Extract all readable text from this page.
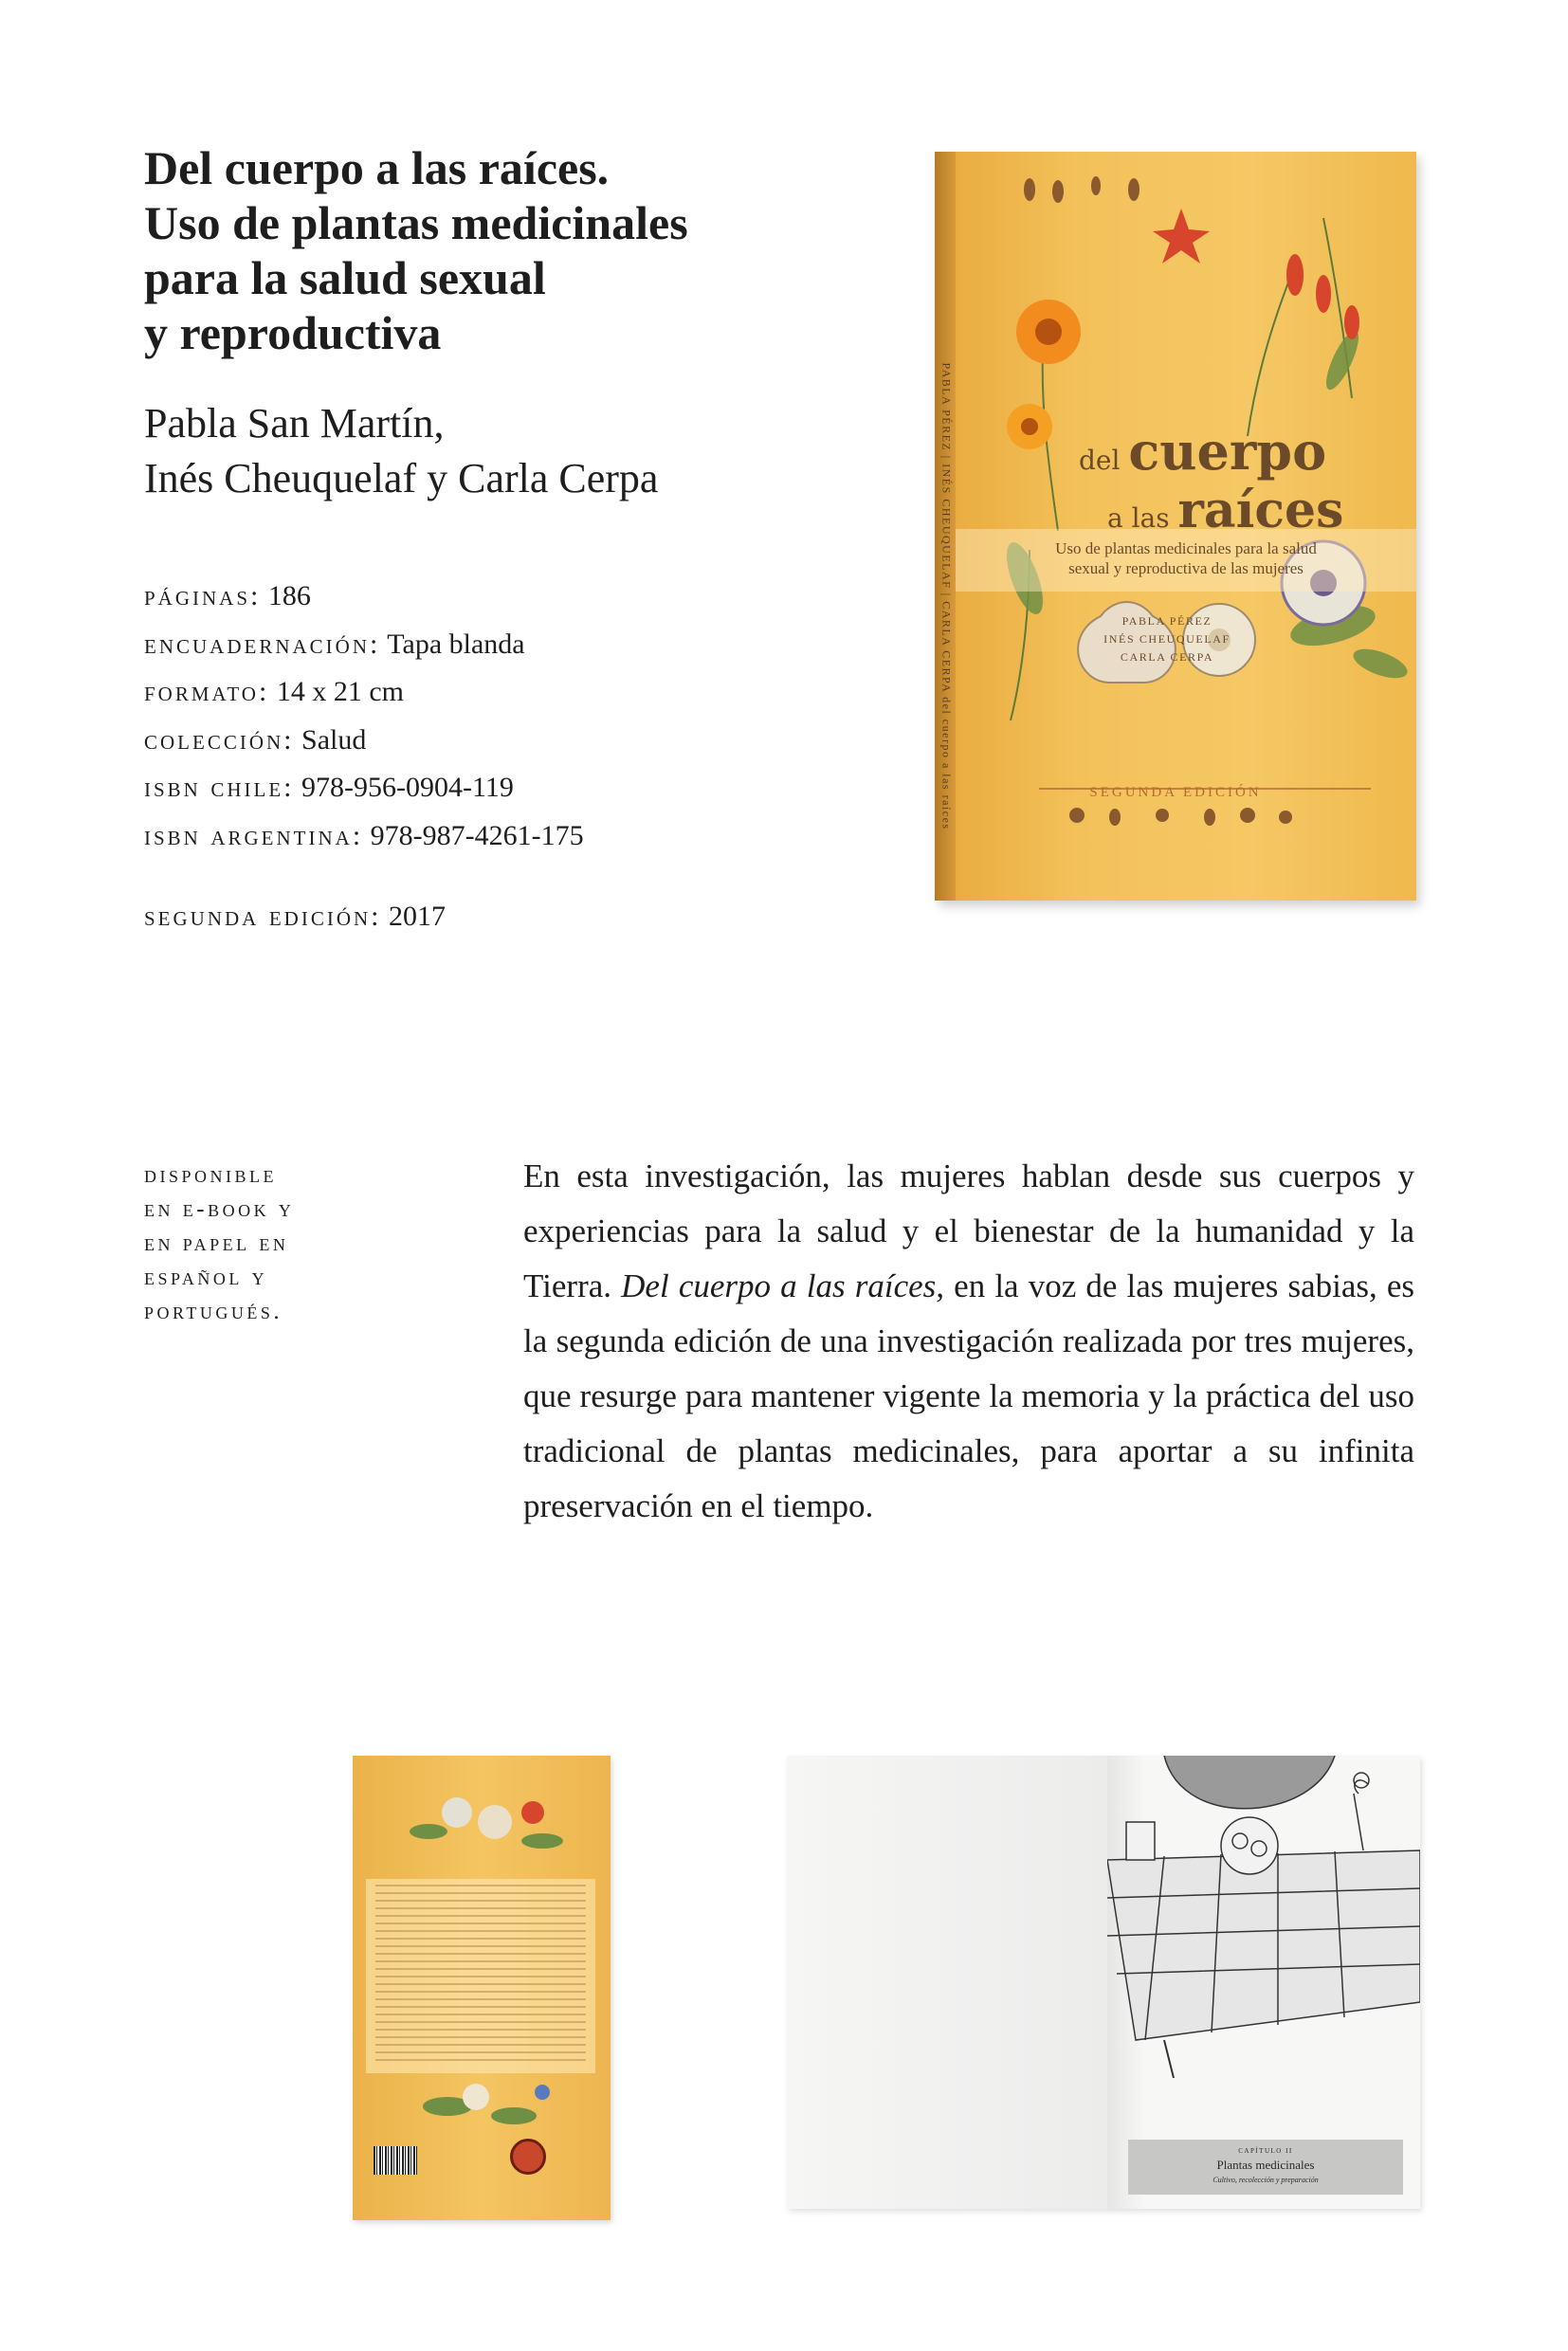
Del cuerpo a las raíces.
Uso de plantas medicinales
para la salud sexual
y reproductiva
Pabla San Martín,
Inés Cheuquelaf y Carla Cerpa
páginas: 186
encuadernación: Tapa blanda
formato: 14 x 21 cm
colección: Salud
isbn chile: 978-956-0904-119
isbn argentina: 978-987-4261-175
segunda edición: 2017
disponible
en e-book y
en papel en
español y
portugués.

En esta investigación, las mujeres hablan desde sus cuerpos y experiencias para la salud y el bienestar de la humanidad y la Tierra. Del cuerpo a las raíces, en la voz de las mujeres sabias, es la segunda edición de una investigación realizada por tres mujeres, que resurge para mantener vigente la memoria y la práctica del uso tradicional de plantas medicinales, para aportar a su infinita preservación en el tiempo.

PABLA PÉREZ | INÉS CHEUQUELAF | CARLA CERPA del cuerpo a las raíces	del cuerpo
a las raíces
Uso de plantas medicinales para la salud
sexual y reproductiva de las mujeres
PABLA PÉREZ
INÉS CHEUQUELAF
CARLA CERPA
SEGUNDA EDICIÓN
CAPÍTULO II
Plantas medicinales
Cultivo, recolección y preparación
